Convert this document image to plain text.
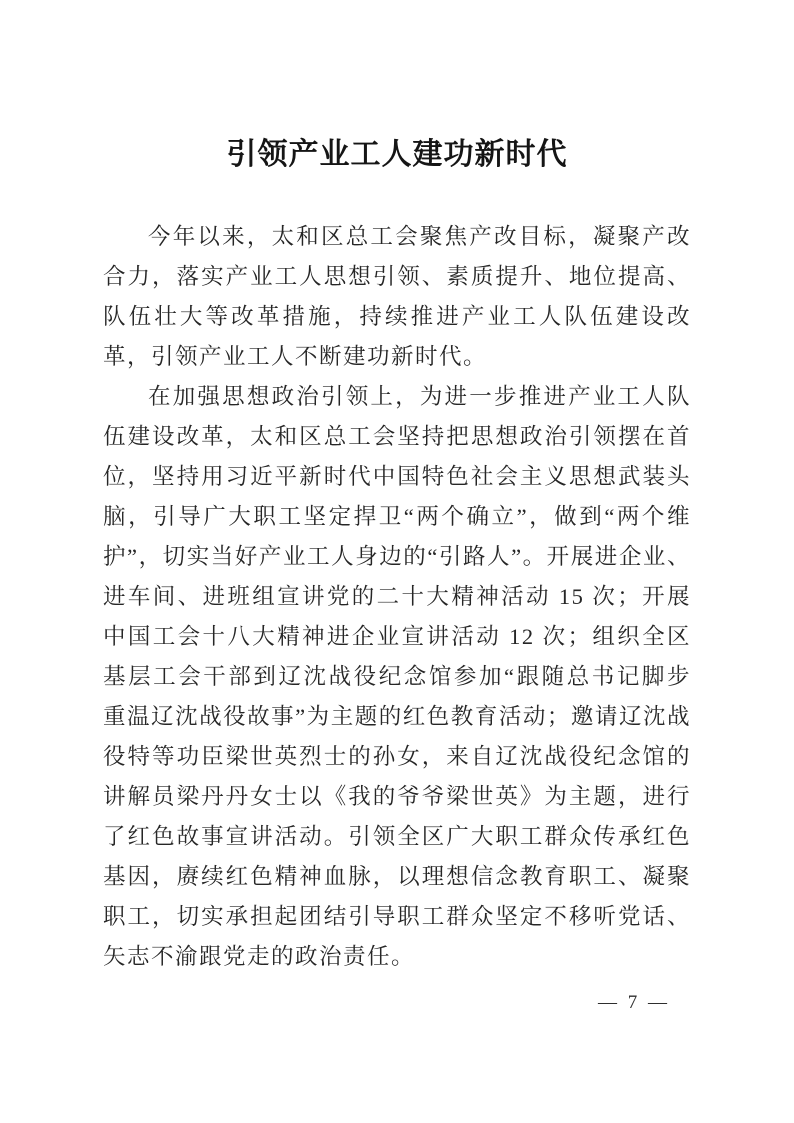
引领产业工人建功新时代

今年以来，太和区总工会聚焦产改目标，凝聚产改合力，落实产业工人思想引领、素质提升、地位提高、队伍壮大等改革措施，持续推进产业工人队伍建设改革，引领产业工人不断建功新时代。

在加强思想政治引领上，为进一步推进产业工人队伍建设改革，太和区总工会坚持把思想政治引领摆在首位，坚持用习近平新时代中国特色社会主义思想武装头脑，引导广大职工坚定捍卫“两个确立”，做到“两个维护”，切实当好产业工人身边的“引路人”。开展进企业、进车间、进班组宣讲党的二十大精神活动 15 次；开展中国工会十八大精神进企业宣讲活动 12 次；组织全区基层工会干部到辽沈战役纪念馆参加“跟随总书记脚步 重温辽沈战役故事”为主题的红色教育活动；邀请辽沈战役特等功臣梁世英烈士的孙女，来自辽沈战役纪念馆的讲解员梁丹丹女士以《我的爷爷梁世英》为主题，进行了红色故事宣讲活动。引领全区广大职工群众传承红色基因，赓续红色精神血脉，以理想信念教育职工、凝聚职工，切实承担起团结引导职工群众坚定不移听党话、矢志不渝跟党走的政治责任。

— 7 —
